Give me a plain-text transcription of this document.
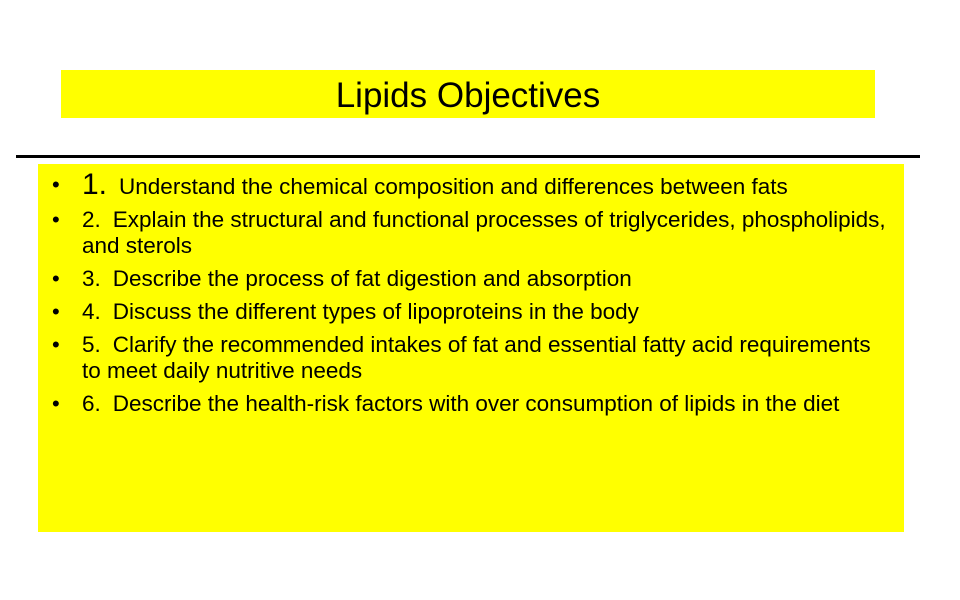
Lipids Objectives
• 1. Understand the chemical composition and differences between fats
• 2. Explain the structural and functional processes of triglycerides, phospholipids, and sterols
• 3. Describe the process of fat digestion and absorption
• 4. Discuss the different types of lipoproteins in the body
• 5. Clarify the recommended intakes of fat and essential fatty acid requirements to meet daily nutritive needs
• 6. Describe the health-risk factors with over consumption of lipids in the diet
